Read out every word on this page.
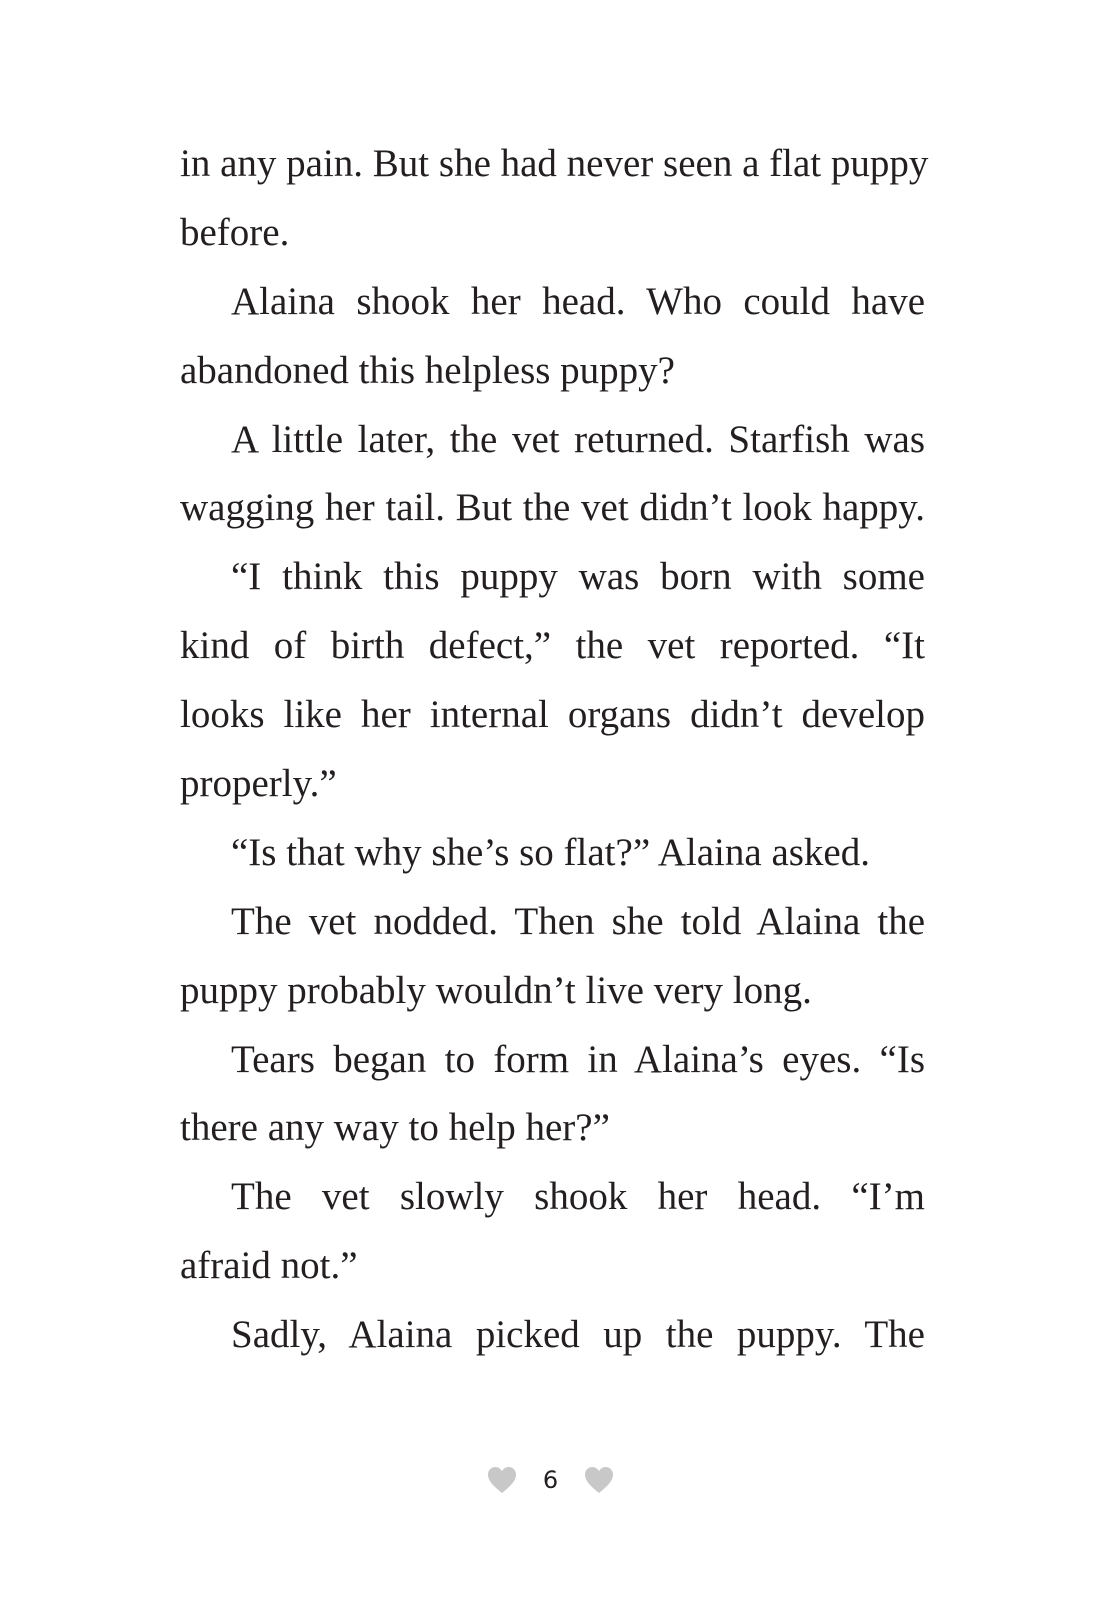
in any pain. But she had never seen a flat puppy
before.
Alaina shook her head. Who could have
abandoned this helpless puppy?
A little later, the vet returned. Starfish was
wagging her tail. But the vet didn’t look happy.
“I think this puppy was born with some
kind of birth defect,” the vet reported. “It
looks like her internal organs didn’t develop
properly.”
“Is that why she’s so flat?” Alaina asked.
The vet nodded. Then she told Alaina the
puppy probably wouldn’t live very long.
Tears began to form in Alaina’s eyes. “Is
there any way to help her?”
The vet slowly shook her head. “I’m
afraid not.”
Sadly, Alaina picked up the puppy. The
6
